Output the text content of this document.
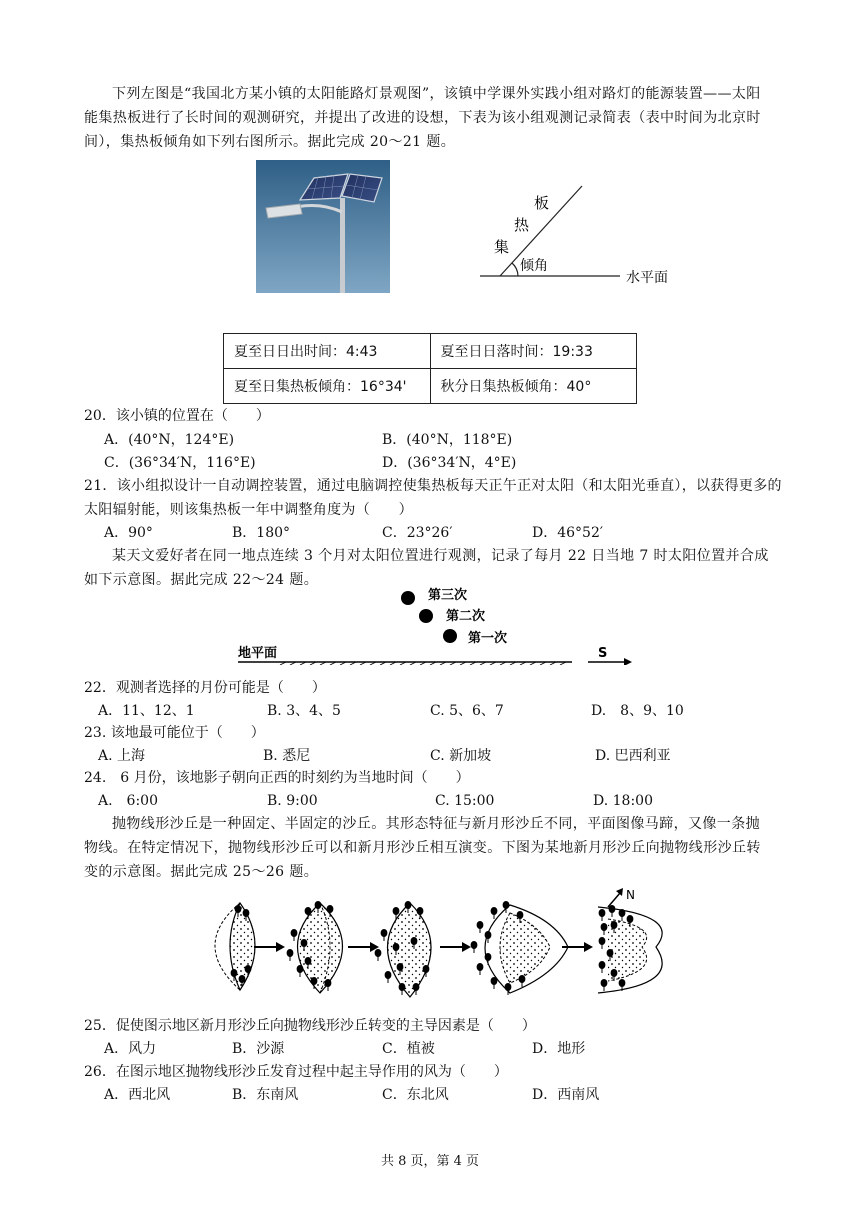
下列左图是“我国北方某小镇的太阳能路灯景观图”，该镇中学课外实践小组对路灯的能源装置——太阳能集热板进行了长时间的观测研究，并提出了改进的设想，下表为该小组观测记录简表（表中时间为北京时间），集热板倾角如下列右图所示。据此完成 20～21 题。
板
热
集
倾角
水平面
夏至日日出时间：4:43	夏至日日落时间：19:33
夏至日集热板倾角：16°34'	秋分日集热板倾角：40°
20．该小镇的位置在（　　）
A．(40°N，124°E)	B．(40°N，118°E)
C．(36°34′N，116°E)	D．(36°34′N，4°E)
21．该小组拟设计一自动调控装置，通过电脑调控使集热板每天正午正对太阳（和太阳光垂直），以获得更多的太阳辐射能，则该集热板一年中调整角度为（　　）
A．90°	B．180°	C．23°26′	D．46°52′
某天文爱好者在同一地点连续 3 个月对太阳位置进行观测，记录了每月 22 日当地 7 时太阳位置并合成如下示意图。据此完成 22～24 题。
第三次
第二次
第一次
地平面	S
22．观测者选择的月份可能是（　　）
A．11、12、1	B. 3、4、5	C. 5、6、7	D.　8、9、10
23. 该地最可能位于（　　）
A. 上海	B. 悉尼	C. 新加坡	D. 巴西利亚
24.　6 月份，该地影子朝向正西的时刻约为当地时间（　　）
A.　6:00	B. 9:00	C. 15:00	D. 18:00
抛物线形沙丘是一种固定、半固定的沙丘。其形态特征与新月形沙丘不同，平面图像马蹄，又像一条抛物线。在特定情况下，抛物线形沙丘可以和新月形沙丘相互演变。下图为某地新月形沙丘向抛物线形沙丘转变的示意图。据此完成 25～26 题。
N
25．促使图示地区新月形沙丘向抛物线形沙丘转变的主导因素是（　　）
A．风力	B．沙源	C．植被	D．地形
26．在图示地区抛物线形沙丘发育过程中起主导作用的风为（　　）
A．西北风	B．东南风	C．东北风	D．西南风
共 8 页，第 4 页
